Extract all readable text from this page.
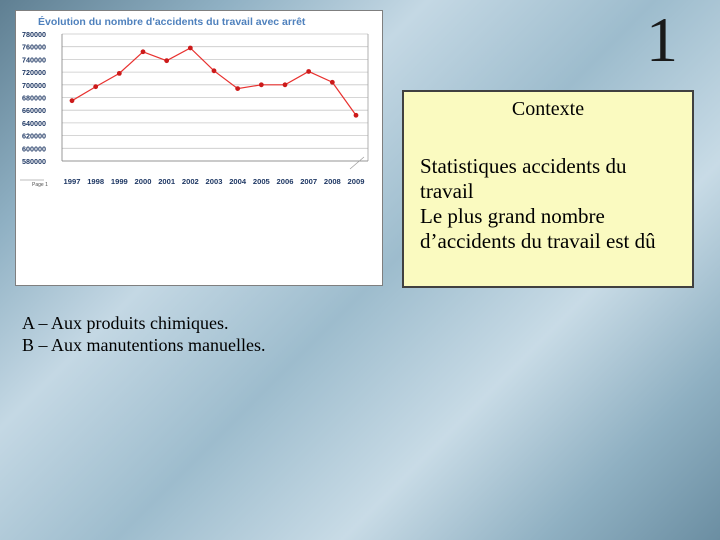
Évolution du nombre d'accidents du travail avec arrêt
780000
760000
740000
720000
700000
680000
660000
640000
620000
600000
580000
1997 1998 1999 2000 2001 2002 2003 2004 2005 2006 2007 2008 2009
Page 1
1
Contexte
Statistiques accidents du
travail
Le plus grand nombre
d’accidents du travail est dû
A – Aux produits chimiques.
B – Aux manutentions manuelles.
